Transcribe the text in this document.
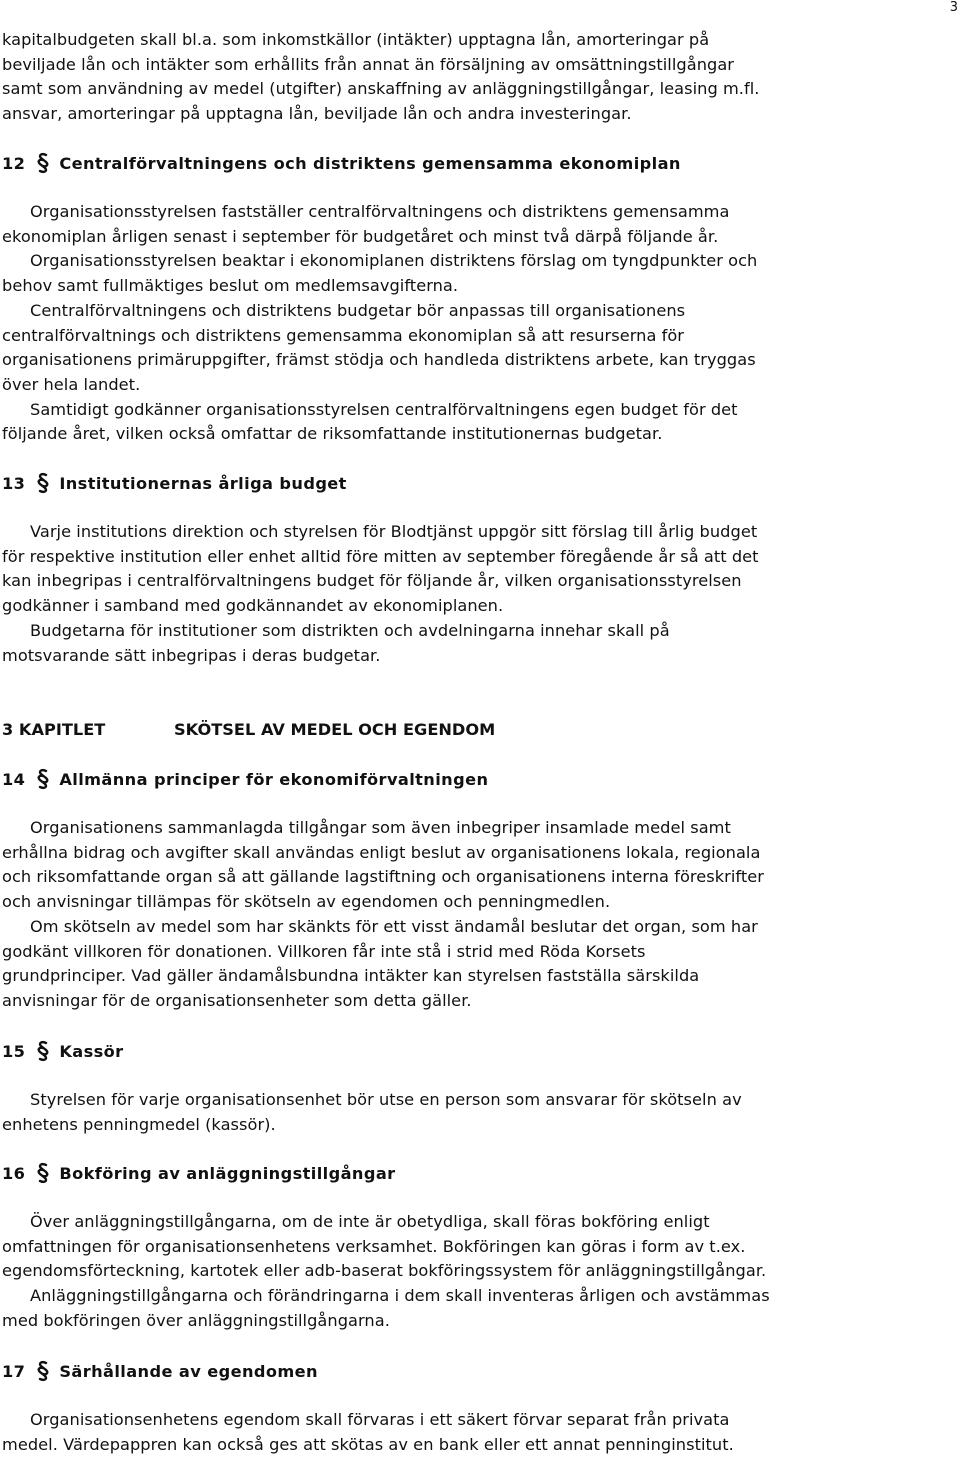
3

kapitalbudgeten skall bl.a. som inkomstkällor (intäkter) upptagna lån, amorteringar på
beviljade lån och intäkter som erhållits från annat än försäljning av omsättningstillgångar
samt som användning av medel (utgifter) anskaffning av anläggningstillgångar, leasing m.fl.
ansvar, amorteringar på upptagna lån, beviljade lån och andra investeringar.

12 Centralförvaltningens och distriktens gemensamma ekonomiplan

Organisationsstyrelsen fastställer centralförvaltningens och distriktens gemensamma
ekonomiplan årligen senast i september för budgetåret och minst två därpå följande år.

Organisationsstyrelsen beaktar i ekonomiplanen distriktens förslag om tyngdpunkter och
behov samt fullmäktiges beslut om medlemsavgifterna.

Centralförvaltningens och distriktens budgetar bör anpassas till organisationens
centralförvaltnings och distriktens gemensamma ekonomiplan så att resurserna för
organisationens primäruppgifter, främst stödja och handleda distriktens arbete, kan tryggas
över hela landet.

Samtidigt godkänner organisationsstyrelsen centralförvaltningens egen budget för det
följande året, vilken också omfattar de riksomfattande institutionernas budgetar.

13 Institutionernas årliga budget

Varje institutions direktion och styrelsen för Blodtjänst uppgör sitt förslag till årlig budget
för respektive institution eller enhet alltid före mitten av september föregående år så att det
kan inbegripas i centralförvaltningens budget för följande år, vilken organisationsstyrelsen
godkänner i samband med godkännandet av ekonomiplanen.

Budgetarna för institutioner som distrikten och avdelningarna innehar skall på
motsvarande sätt inbegripas i deras budgetar.

14 Allmänna principer för ekonomiförvaltningen

Organisationens sammanlagda tillgångar som även inbegriper insamlade medel samt
erhållna bidrag och avgifter skall användas enligt beslut av organisationens lokala, regionala
och riksomfattande organ så att gällande lagstiftning och organisationens interna föreskrifter
och anvisningar tillämpas för skötseln av egendomen och penningmedlen.

Om skötseln av medel som har skänkts för ett visst ändamål beslutar det organ, som har
godkänt villkoren för donationen. Villkoren får inte stå i strid med Röda Korsets
grundprinciper. Vad gäller ändamålsbundna intäkter kan styrelsen fastställa särskilda
anvisningar för de organisationsenheter som detta gäller.

15 Kassör

Styrelsen för varje organisationsenhet bör utse en person som ansvarar för skötseln av
enhetens penningmedel (kassör).

16 Bokföring av anläggningstillgångar

Över anläggningstillgångarna, om de inte är obetydliga, skall föras bokföring enligt
omfattningen för organisationsenhetens verksamhet. Bokföringen kan göras i form av t.ex.
egendomsförteckning, kartotek eller adb-baserat bokföringssystem för anläggningstillgångar.

Anläggningstillgångarna och förändringarna i dem skall inventeras årligen och avstämmas
med bokföringen över anläggningstillgångarna.

17 Särhållande av egendomen

Organisationsenhetens egendom skall förvaras i ett säkert förvar separat från privata
medel. Värdepappren kan också ges att skötas av en bank eller ett annat penninginstitut.

3 KAPITLET	SKÖTSEL AV MEDEL OCH EGENDOM
